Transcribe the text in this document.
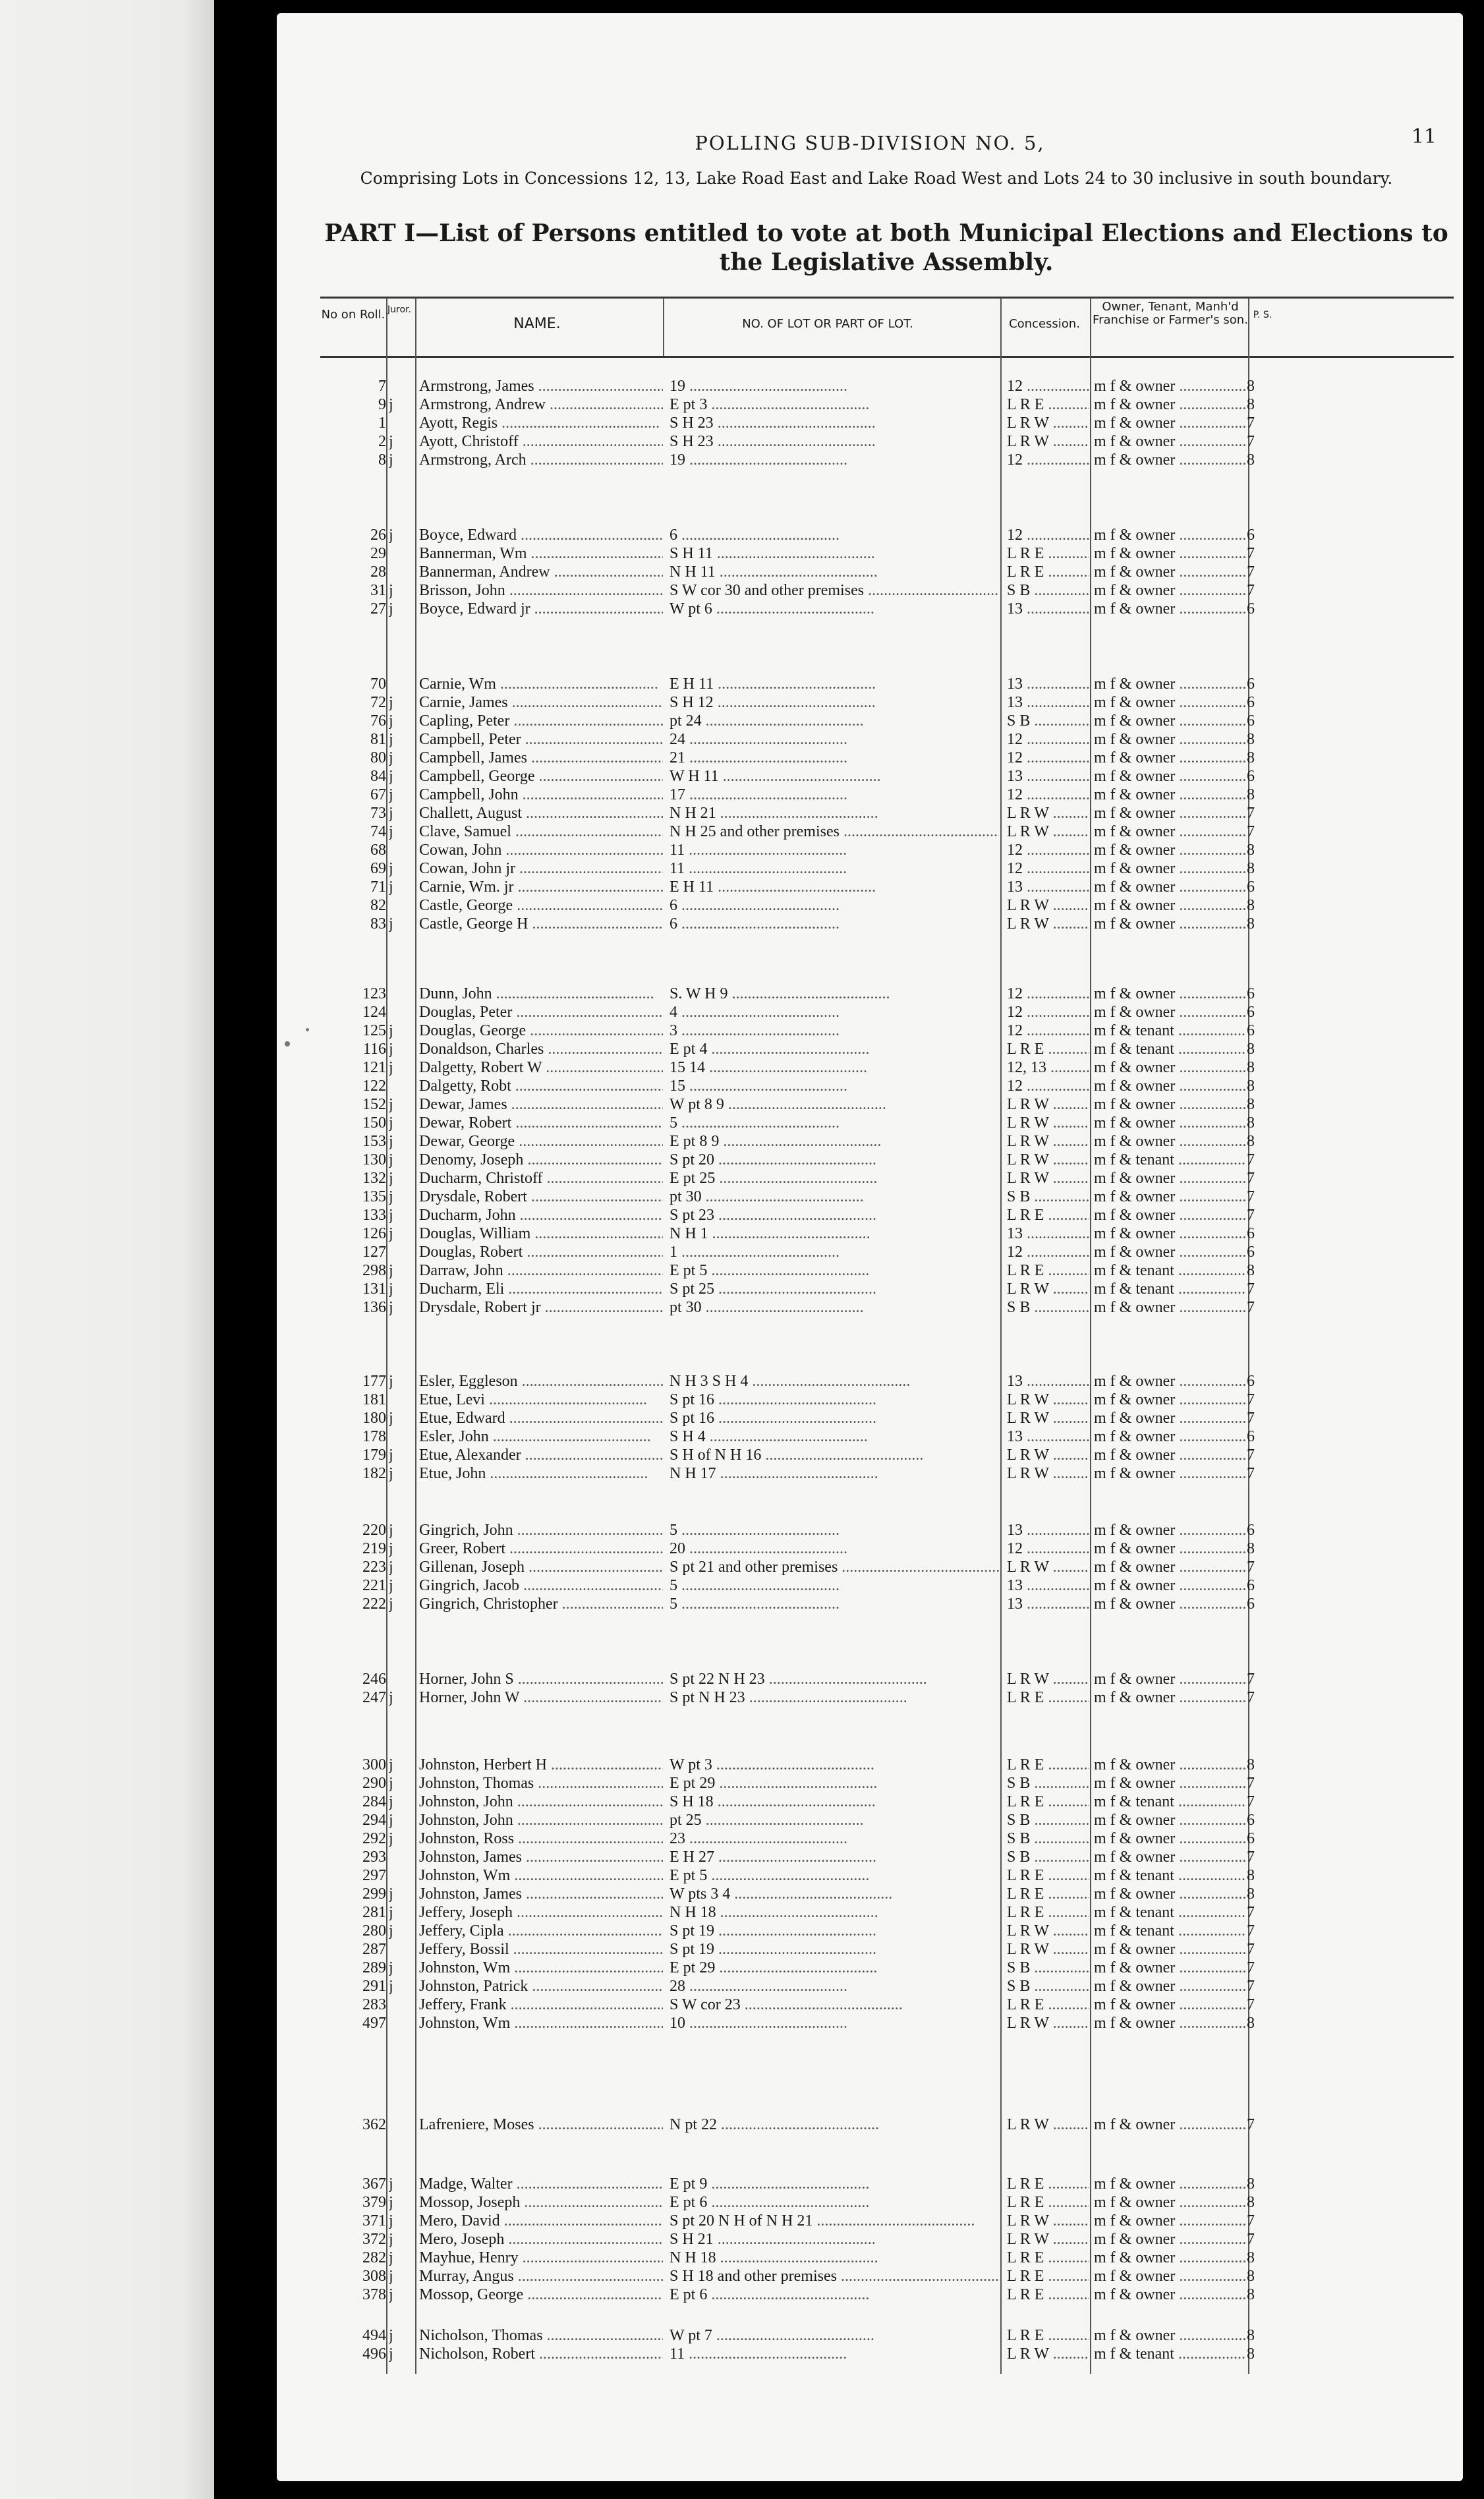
11
POLLING SUB-DIVISION NO. 5,
Comprising Lots in Concessions 12, 13, Lake Road East and Lake Road West and Lots 24 to 30 inclusive in south boundary.
PART I—List of Persons entitled to vote at both Municipal Elections and Elections to the Legislative Assembly.
No on Roll. Juror.
NAME.	NO. OF LOT OR PART OF LOT.	Concession.
Owner, Tenant, Manh'd Franchise or Farmer's son. P. S.
7 Armstrong, James .....	19 .....	12 .....	m f & owner .....	8
9 j	Armstrong, Andrew .....	E pt 3 .....	L R E .....	m f & owner .....	8
1 Ayott, Regis .....	S H 23 .....	L R W .....	m f & owner .....	7
2 j	Ayott, Christoff .....	S H 23 .....	L R W .....	m f & owner .....	7
8 j	Armstrong, Arch .....	19 .....	12 .....	m f & owner .....	8
26 j	Boyce, Edward .....	6 .....	12 .....	m f & owner .....	6
29 Bannerman, Wm .....	S H 11 .....	L R E .....	m f & owner .....	7
28 Bannerman, Andrew .....	N H 11 .....	L R E .....	m f & owner .....	7
31 j	Brisson, John .....	S W cor 30 and other premises .....	S B .....	m f & owner .....	7
27 j	Boyce, Edward jr .....	W pt 6 .....	13 .....	m f & owner .....	6
70 Carnie, Wm .....	E H 11 .....	13 .....	m f & owner .....	6
72 j	Carnie, James .....	S H 12 .....	13 .....	m f & owner .....	6
76 j	Capling, Peter .....	pt 24 .....	S B .....	m f & owner .....	6
81 j	Campbell, Peter .....	24 .....	12 .....	m f & owner .....	8
80 j	Campbell, James .....	21 .....	12 .....	m f & owner .....	8
84 j	Campbell, George .....	W H 11 .....	13 .....	m f & owner .....	6
67 j	Campbell, John .....	17 .....	12 .....	m f & owner .....	8
73 j	Challett, August .....	N H 21 .....	L R W .....	m f & owner .....	7
74 j	Clave, Samuel .....	N H 25 and other premises .....	L R W .....	m f & owner .....	7
68 Cowan, John .....	11 .....	12 .....	m f & owner .....	8
69 j	Cowan, John jr .....	11 .....	12 .....	m f & owner .....	8
71 j	Carnie, Wm. jr .....	E H 11 .....	13 .....	m f & owner .....	6
82 Castle, George .....	6 .....	L R W .....	m f & owner .....	8
83 j	Castle, George H .....	6 .....	L R W .....	m f & owner .....	8
123 Dunn, John .....	S. W H 9 .....	12 .....	m f & owner .....	6
124 Douglas, Peter .....	4 .....	12 .....	m f & owner .....	6
125 j	Douglas, George .....	3 .....	12 .....	m f & tenant .....	6
116 j	Donaldson, Charles .....	E pt 4 .....	L R E .....	m f & tenant .....	8
121 j	Dalgetty, Robert W .....	15 14 .....	12, 13 .....	m f & owner .....	8
122 Dalgetty, Robt .....	15 .....	12 .....	m f & owner .....	8
152 j	Dewar, James .....	W pt 8 9 .....	L R W .....	m f & owner .....	8
150 j	Dewar, Robert .....	5 .....	L R W .....	m f & owner .....	8
153 j	Dewar, George .....	E pt 8 9 .....	L R W .....	m f & owner .....	8
130 j	Denomy, Joseph .....	S pt 20 .....	L R W .....	m f & tenant .....	7
132 j	Ducharm, Christoff .....	E pt 25 .....	L R W .....	m f & owner .....	7
135 j	Drysdale, Robert .....	pt 30 .....	S B .....	m f & owner .....	7
133 j	Ducharm, John .....	S pt 23 .....	L R E .....	m f & owner .....	7
126 j	Douglas, William .....	N H 1 .....	13 .....	m f & owner .....	6
127 Douglas, Robert .....	1 .....	12 .....	m f & owner .....	6
298 j	Darraw, John .....	E pt 5 .....	L R E .....	m f & tenant .....	8
131 j	Ducharm, Eli .....	S pt 25 .....	L R W .....	m f & tenant .....	7
136 j	Drysdale, Robert jr .....	pt 30 .....	S B .....	m f & owner .....	7
177 j	Esler, Eggleson .....	N H 3 S H 4 .....	13 .....	m f & owner .....	6
181 Etue, Levi .....	S pt 16 .....	L R W .....	m f & owner .....	7
180 j	Etue, Edward .....	S pt 16 .....	L R W .....	m f & owner .....	7
178 Esler, John .....	S H 4 .....	13 .....	m f & owner .....	6
179 j	Etue, Alexander .....	S H of N H 16 .....	L R W .....	m f & owner .....	7
182 j	Etue, John .....	N H 17 .....	L R W .....	m f & owner .....	7
220 j	Gingrich, John .....	5 .....	13 .....	m f & owner .....	6
219 j	Greer, Robert .....	20 .....	12 .....	m f & owner .....	8
223 j	Gillenan, Joseph .....	S pt 21 and other premises .....	L R W .....	m f & owner .....	7
221 j	Gingrich, Jacob .....	5 .....	13 .....	m f & owner .....	6
222 j	Gingrich, Christopher .....	5 .....	13 .....	m f & owner .....	6
246 Horner, John S .....	S pt 22 N H 23 .....	L R W .....	m f & owner .....	7
247 j	Horner, John W .....	S pt N H 23 .....	L R E .....	m f & owner .....	7
300 j	Johnston, Herbert H .....	W pt 3 .....	L R E .....	m f & owner .....	8
290 j	Johnston, Thomas .....	E pt 29 .....	S B .....	m f & owner .....	7
284 j	Johnston, John .....	S H 18 .....	L R E .....	m f & tenant .....	7
294 j	Johnston, John .....	pt 25 .....	S B .....	m f & owner .....	6
292 j	Johnston, Ross .....	23 .....	S B .....	m f & owner .....	6
293 Johnston, James .....	E H 27 .....	S B .....	m f & owner .....	7
297 Johnston, Wm .....	E pt 5 .....	L R E .....	m f & tenant .....	8
299 j	Johnston, James .....	W pts 3 4 .....	L R E .....	m f & owner .....	8
281 j	Jeffery, Joseph .....	N H 18 .....	L R E .....	m f & tenant .....	7
280 j	Jeffery, Cipla .....	S pt 19 .....	L R W .....	m f & tenant .....	7
287 Jeffery, Bossil .....	S pt 19 .....	L R W .....	m f & owner .....	7
289 j	Johnston, Wm .....	E pt 29 .....	S B .....	m f & owner .....	7
291 j	Johnston, Patrick .....	28 .....	S B .....	m f & owner .....	7
283 Jeffery, Frank .....	S W cor 23 .....	L R E .....	m f & owner .....	7
497 Johnston, Wm .....	10 .....	L R W .....	m f & owner .....	8
362 Lafreniere, Moses .....	N pt 22 .....	L R W .....	m f & owner .....	7
367 j	Madge, Walter .....	E pt 9 .....	L R E .....	m f & owner .....	8
379 j	Mossop, Joseph .....	E pt 6 .....	L R E .....	m f & owner .....	8
371 j	Mero, David .....	S pt 20 N H of N H 21 .....	L R W .....	m f & owner .....	7
372 j	Mero, Joseph .....	S H 21 .....	L R W .....	m f & owner .....	7
282 j	Mayhue, Henry .....	N H 18 .....	L R E .....	m f & owner .....	8
308 j	Murray, Angus .....	S H 18 and other premises .....	L R E .....	m f & owner .....	8
378 j	Mossop, George .....	E pt 6 .....	L R E .....	m f & owner .....	8
494 j	Nicholson, Thomas .....	W pt 7 .....	L R E .....	m f & owner .....	8
496 j	Nicholson, Robert .....	11 .....	L R W .....	m f & tenant .....	8
